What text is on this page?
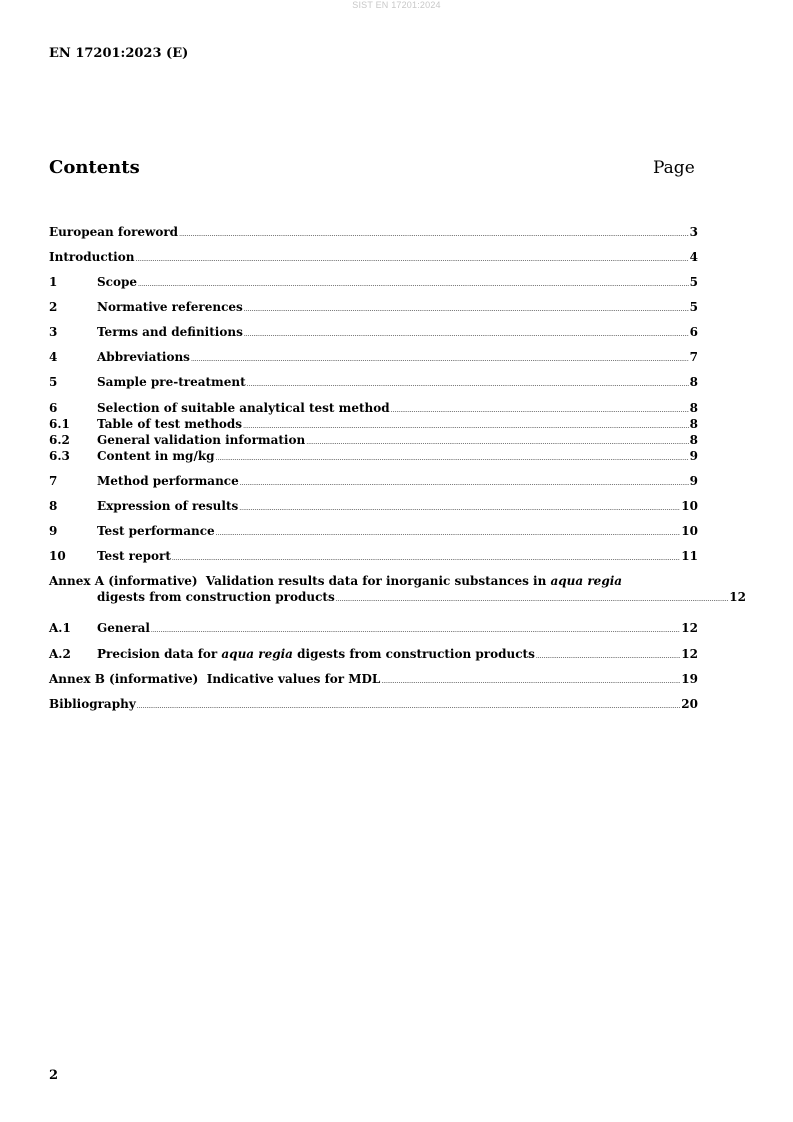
SIST EN 17201:2024
EN 17201:2023 (E)
Contents	Page
European foreword .....	3
Introduction .....	4
1	Scope .....	5
2	Normative references .....	5
3	Terms and definitions .....	6
4	Abbreviations .....	7
5	Sample pre-treatment .....	8
6	Selection of suitable analytical test method .....	8
6.1	Table of test methods .....	8
6.2	General validation information .....	8
6.3	Content in mg/kg .....	9
7	Method performance .....	9
8	Expression of results .....	10
9	Test performance .....	10
10	Test report .....	11
Annex A (informative)  Validation results data for inorganic substances in aqua regia
digests from construction products .....	12
A.1	General .....	12
A.2	Precision data for aqua regia digests from construction products .....	12
Annex B (informative)  Indicative values for MDL .....	19
Bibliography .....	20
2
